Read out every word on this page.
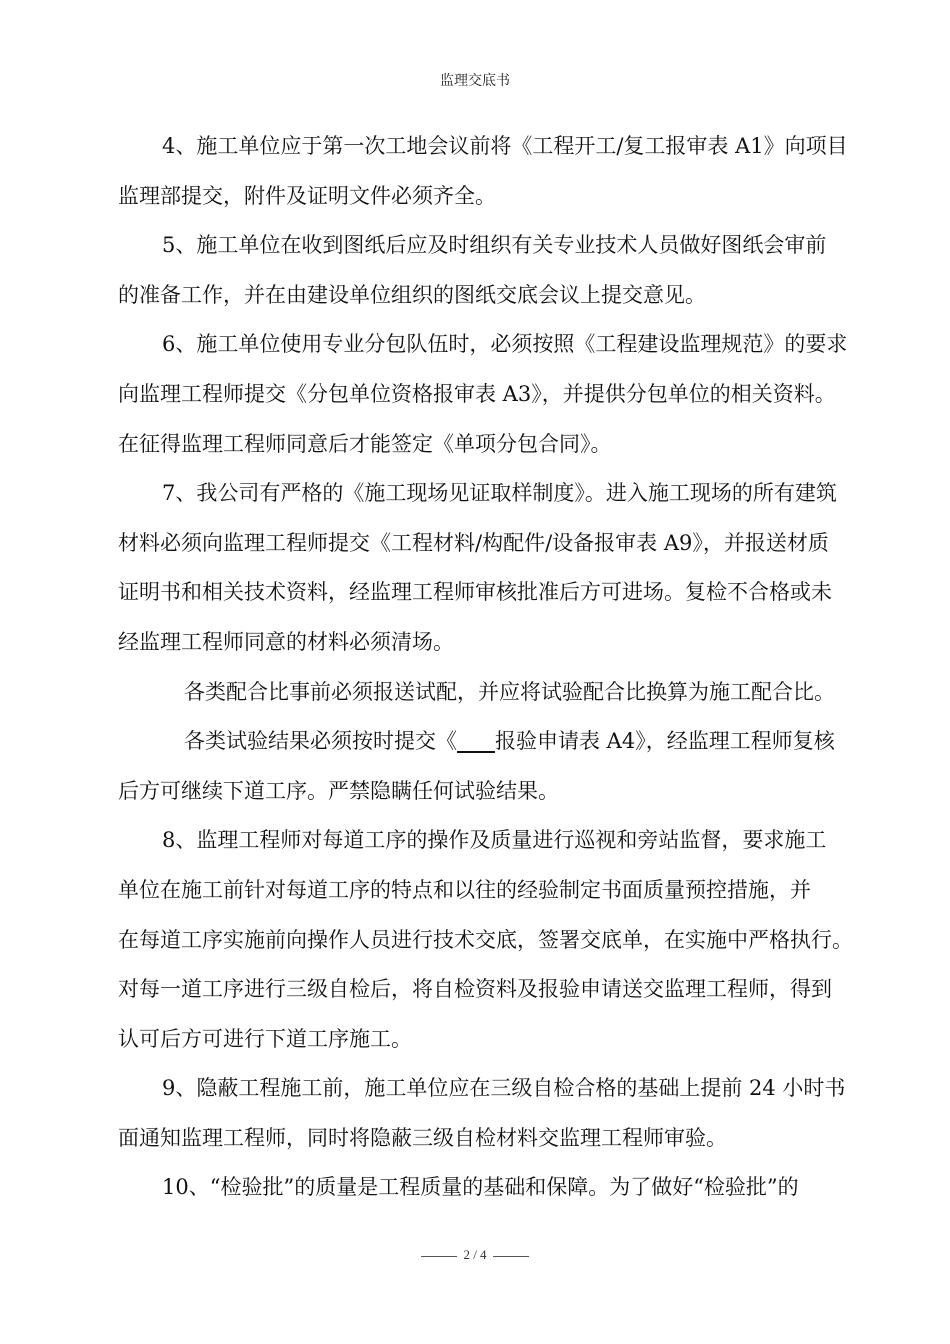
监理交底书
4、施工单位应于第一次工地会议前将《工程开工/复工报审表 A1》向项目
监理部提交，附件及证明文件必须齐全。
5、施工单位在收到图纸后应及时组织有关专业技术人员做好图纸会审前
的准备工作，并在由建设单位组织的图纸交底会议上提交意见。
6、施工单位使用专业分包队伍时，必须按照《工程建设监理规范》的要求
向监理工程师提交《分包单位资格报审表 A3》，并提供分包单位的相关资料。
在征得监理工程师同意后才能签定《单项分包合同》。
7、我公司有严格的《施工现场见证取样制度》。进入施工现场的所有建筑
材料必须向监理工程师提交《工程材料/构配件/设备报审表 A9》，并报送材质
证明书和相关技术资料，经监理工程师审核批准后方可进场。复检不合格或未
经监理工程师同意的材料必须清场。
各类配合比事前必须报送试配，并应将试验配合比换算为施工配合比。
各类试验结果必须按时提交《 报验申请表 A4》，经监理工程师复核
后方可继续下道工序。严禁隐瞒任何试验结果。
8、监理工程师对每道工序的操作及质量进行巡视和旁站监督，要求施工
单位在施工前针对每道工序的特点和以往的经验制定书面质量预控措施，并
在每道工序实施前向操作人员进行技术交底，签署交底单，在实施中严格执行。
对每一道工序进行三级自检后，将自检资料及报验申请送交监理工程师，得到
认可后方可进行下道工序施工。
9、隐蔽工程施工前，施工单位应在三级自检合格的基础上提前 24 小时书
面通知监理工程师，同时将隐蔽三级自检材料交监理工程师审验。
10、“检验批”的质量是工程质量的基础和保障。为了做好“检验批”的
2 / 4
